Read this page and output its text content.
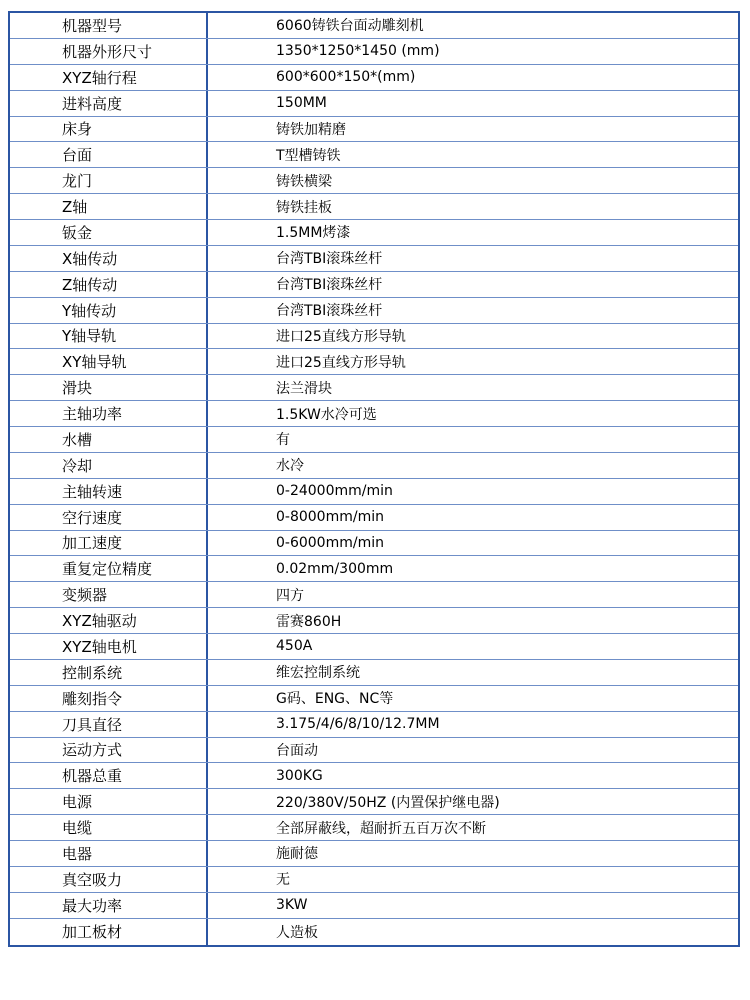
机器型号	6060铸铁台面动雕刻机
机器外形尺寸	1350*1250*1450 (mm)
XYZ轴行程	600*600*150*(mm)
进料高度	150MM
床身	铸铁加精磨
台面	T型槽铸铁
龙门	铸铁横梁
Z轴	铸铁挂板
钣金	1.5MM烤漆
X轴传动	台湾TBI滚珠丝杆
Z轴传动	台湾TBI滚珠丝杆
Y轴传动	台湾TBI滚珠丝杆
Y轴导轨	进口25直线方形导轨
XY轴导轨	进口25直线方形导轨
滑块	法兰滑块
主轴功率	1.5KW水冷可选
水槽	有
冷却	水冷
主轴转速	0-24000mm/min
空行速度	0-8000mm/min
加工速度	0-6000mm/min
重复定位精度	0.02mm/300mm
变频器	四方
XYZ轴驱动	雷赛860H
XYZ轴电机	450A
控制系统	维宏控制系统
雕刻指令	G码、ENG、NC等
刀具直径	3.175/4/6/8/10/12.7MM
运动方式	台面动
机器总重	300KG
电源	220/380V/50HZ (内置保护继电器)
电缆	全部屏蔽线，超耐折五百万次不断
电器	施耐德
真空吸力	无
最大功率	3KW
加工板材	人造板
